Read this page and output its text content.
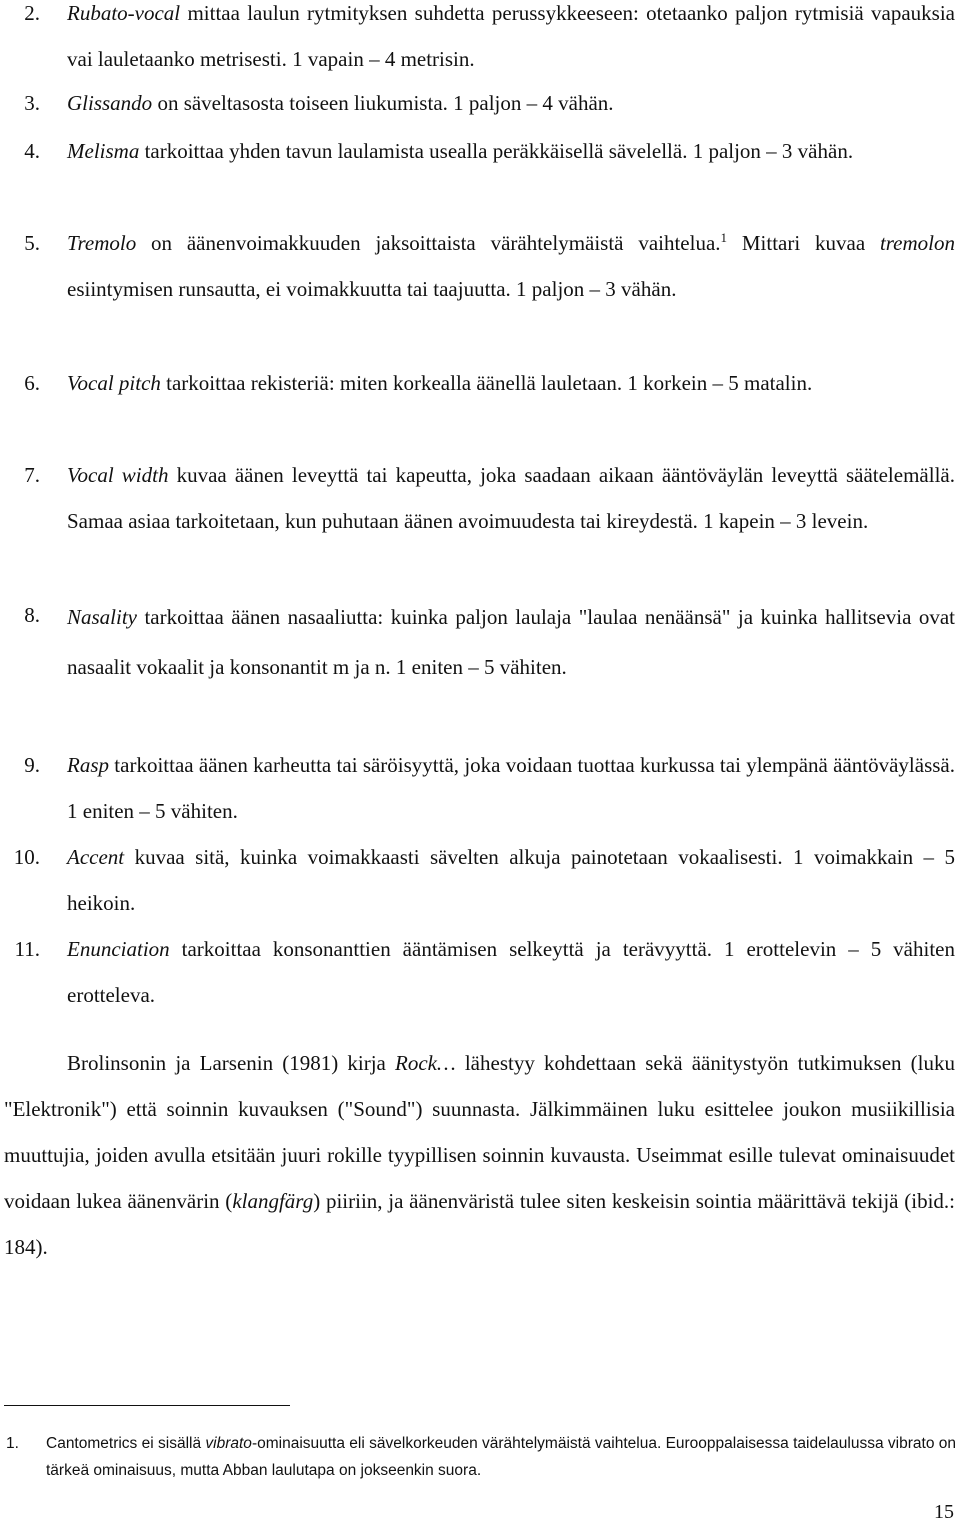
2. Rubato-vocal mittaa laulun rytmityksen suhdetta perussykkeeseen: otetaanko paljon rytmisiä vapauksia vai lauletaanko metrisesti. 1 vapain – 4 metrisin.
3. Glissando on säveltasosta toiseen liukumista. 1 paljon – 4 vähän.
4. Melisma tarkoittaa yhden tavun laulamista usealla peräkkäisellä sävelellä. 1 paljon – 3 vähän.
5. Tremolo on äänenvoimakkuuden jaksoittaista värähtelymäistä vaihtelua.$^1$ Mittari kuvaa tremolon esiintymisen runsautta, ei voimakkuutta tai taajuutta. 1 paljon – 3 vähän.
6. Vocal pitch tarkoittaa rekisteriä: miten korkealla äänellä lauletaan. 1 korkein – 5 matalin.
7. Vocal width kuvaa äänen leveyttä tai kapeutta, joka saadaan aikaan ääntöväylän leveyttä säätelemällä. Samaa asiaa tarkoitetaan, kun puhutaan äänen avoimuudesta tai kireydestä. 1 kapein – 3 levein.
8. Nasality tarkoittaa äänen nasaaliutta: kuinka paljon laulaja "laulaa nenäänsä" ja kuinka hallitsevia ovat nasaalit vokaalit ja konsonantit m ja n. 1 eniten – 5 vähiten.
9. Rasp tarkoittaa äänen karheutta tai säröisyyttä, joka voidaan tuottaa kurkussa tai ylempänä ääntöväylässä. 1 eniten – 5 vähiten.
10. Accent kuvaa sitä, kuinka voimakkaasti sävelten alkuja painotetaan vokaalisesti. 1 voimakkain – 5 heikoin.
11. Enunciation tarkoittaa konsonanttien ääntämisen selkeyttä ja terävyyttä. 1 erottelevin – 5 vähiten erotteleva.

Brolinsonin ja Larsenin (1981) kirja Rock… lähestyy kohdettaan sekä äänitystyön tutkimuksen (luku "Elektronik") että soinnin kuvauksen ("Sound") suunnasta. Jälkimmäinen luku esittelee joukon musiikillisia muuttujia, joiden avulla etsitään juuri rokille tyypillisen soinnin kuvausta. Useimmat esille tulevat ominaisuudet voidaan lukea äänenvärin (klangfärg) piiriin, ja äänenväristä tulee siten keskeisin sointia määrittävä tekijä (ibid.: 184).

1. Cantometrics ei sisällä vibrato-ominaisuutta eli sävelkorkeuden värähtelymäistä vaihtelua. Eurooppalaisessa taidelaulussa vibrato on tärkeä ominaisuus, mutta Abban laulutapa on jokseenkin suora.
15
